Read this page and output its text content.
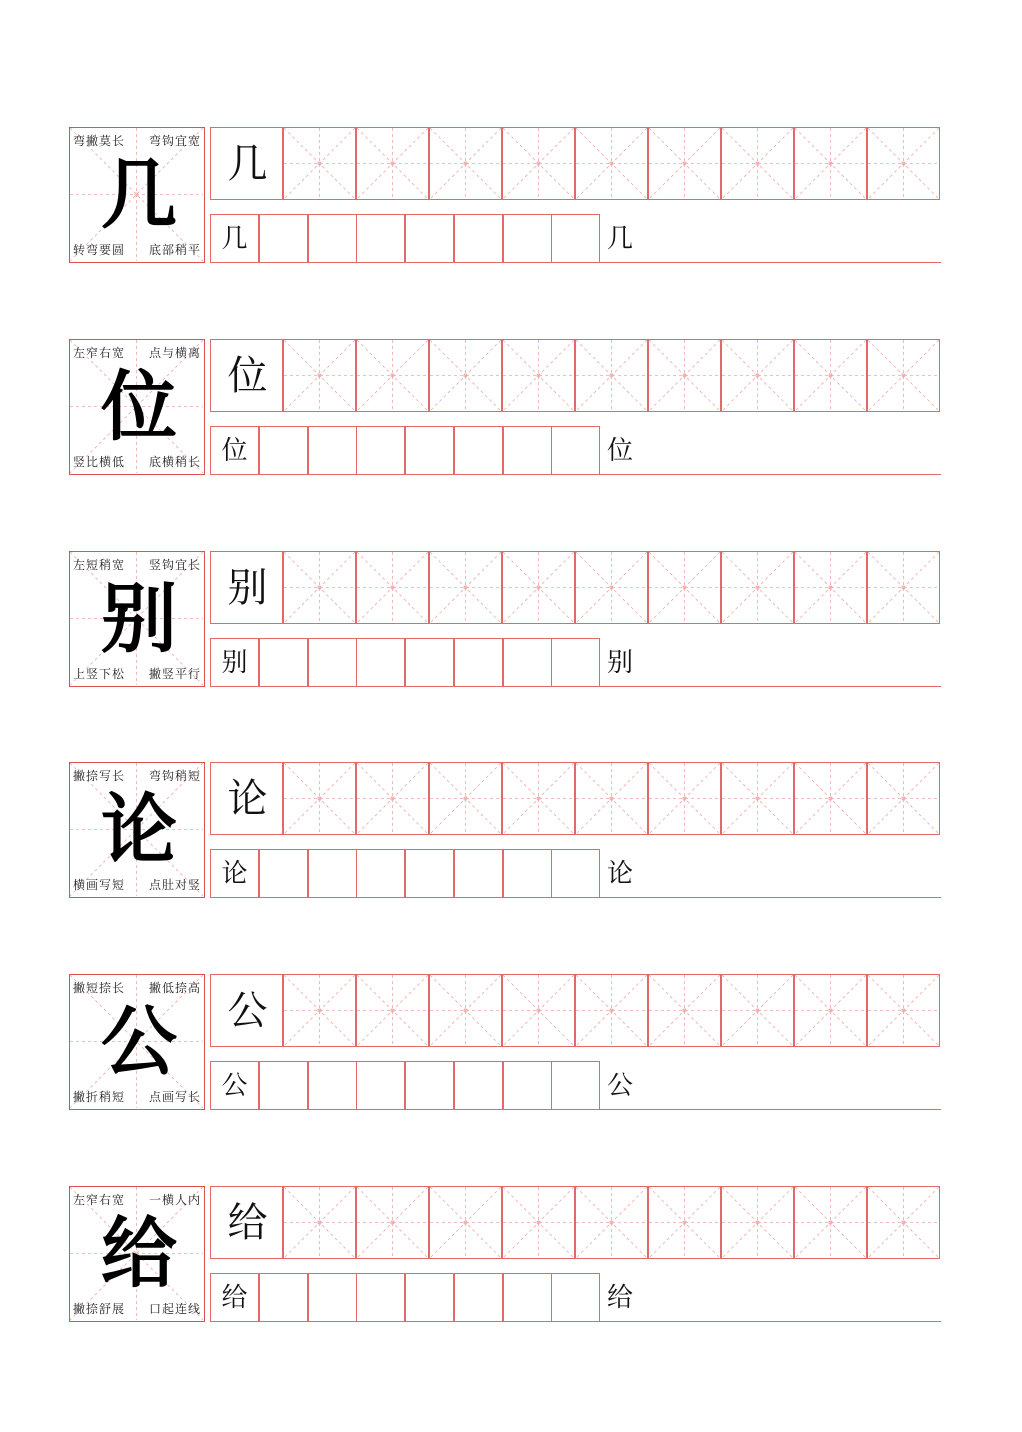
弯撇莫长 弯钩宜宽
转弯要圆 底部稍平
几	几
几	几
左窄右宽 点与横离
竖比横低 底横稍长
位	位
位	位
左短稍宽 竖钩宜长
上竖下松 撇竖平行
别	别
别	别
撇捺写长 弯钩稍短
横画写短 点肚对竖
论	论
论	论
撇短捺长 撇低捺高
撇折稍短 点画写长
公	公
公	公
左窄右宽 一横人内
撇捺舒展 口起连线
给	给
给	给
